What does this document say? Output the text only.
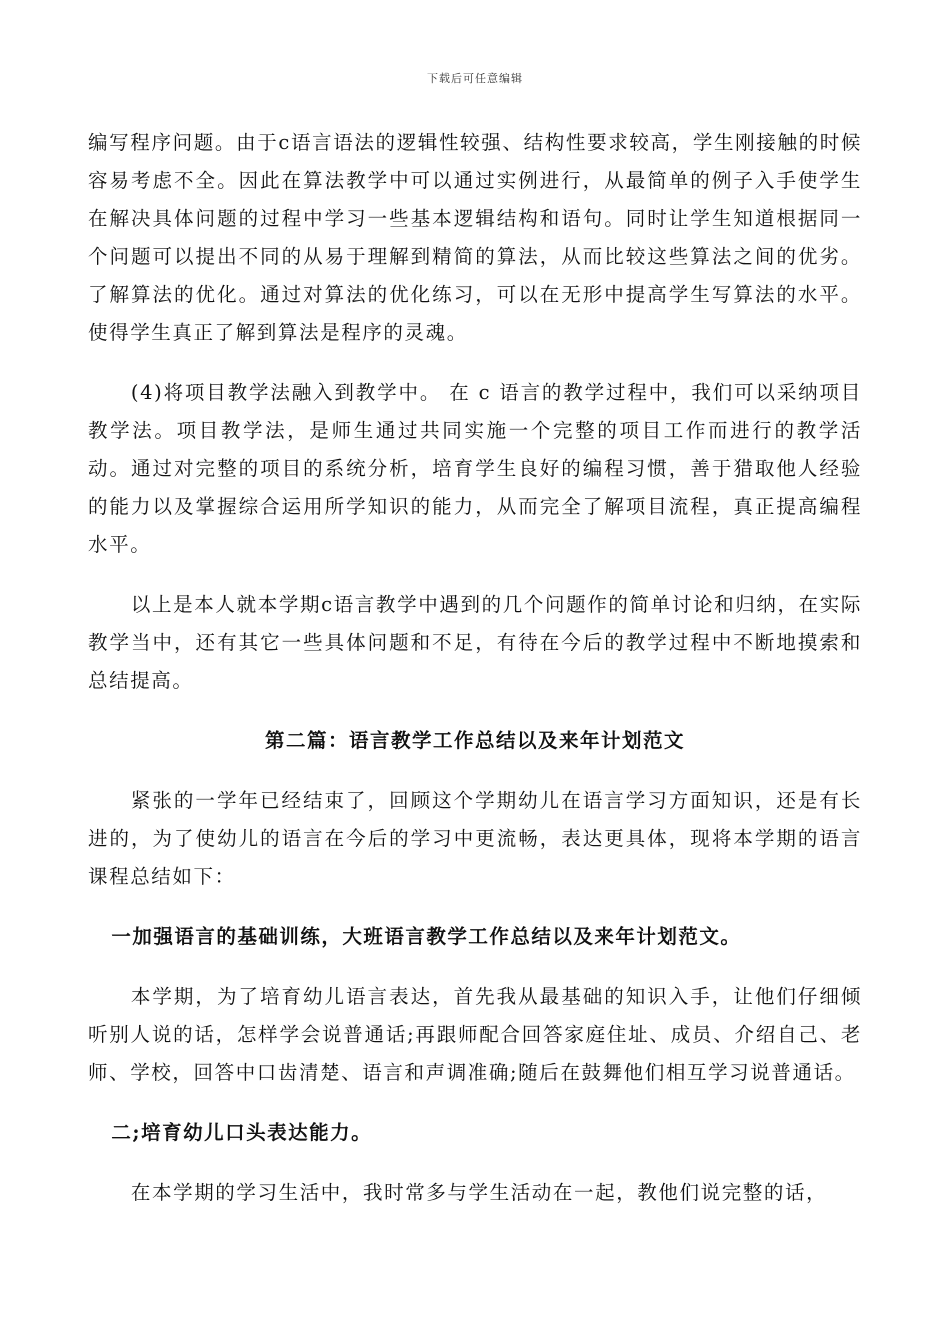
下载后可任意编辑

编写程序问题。由于c语言语法的逻辑性较强、结构性要求较高，学生刚接触的时候容易考虑不全。因此在算法教学中可以通过实例进行，从最简单的例子入手使学生在解决具体问题的过程中学习一些基本逻辑结构和语句。同时让学生知道根据同一个问题可以提出不同的从易于理解到精简的算法，从而比较这些算法之间的优劣。了解算法的优化。通过对算法的优化练习，可以在无形中提高学生写算法的水平。使得学生真正了解到算法是程序的灵魂。

(4)将项目教学法融入到教学中。 在 c 语言的教学过程中，我们可以采纳项目教学法。项目教学法，是师生通过共同实施一个完整的项目工作而进行的教学活动。通过对完整的项目的系统分析，培育学生良好的编程习惯，善于猎取他人经验的能力以及掌握综合运用所学知识的能力，从而完全了解项目流程，真正提高编程水平。

以上是本人就本学期c语言教学中遇到的几个问题作的简单讨论和归纳，在实际教学当中，还有其它一些具体问题和不足，有待在今后的教学过程中不断地摸索和总结提高。

第二篇：语言教学工作总结以及来年计划范文

紧张的一学年已经结束了，回顾这个学期幼儿在语言学习方面知识，还是有长进的，为了使幼儿的语言在今后的学习中更流畅，表达更具体，现将本学期的语言课程总结如下：

一加强语言的基础训练，大班语言教学工作总结以及来年计划范文。

本学期，为了培育幼儿语言表达，首先我从最基础的知识入手，让他们仔细倾听别人说的话，怎样学会说普通话;再跟师配合回答家庭住址、成员、介绍自己、老师、学校，回答中口齿清楚、语言和声调准确;随后在鼓舞他们相互学习说普通话。

二;培育幼儿口头表达能力。

在本学期的学习生活中，我时常多与学生活动在一起，教他们说完整的话，
